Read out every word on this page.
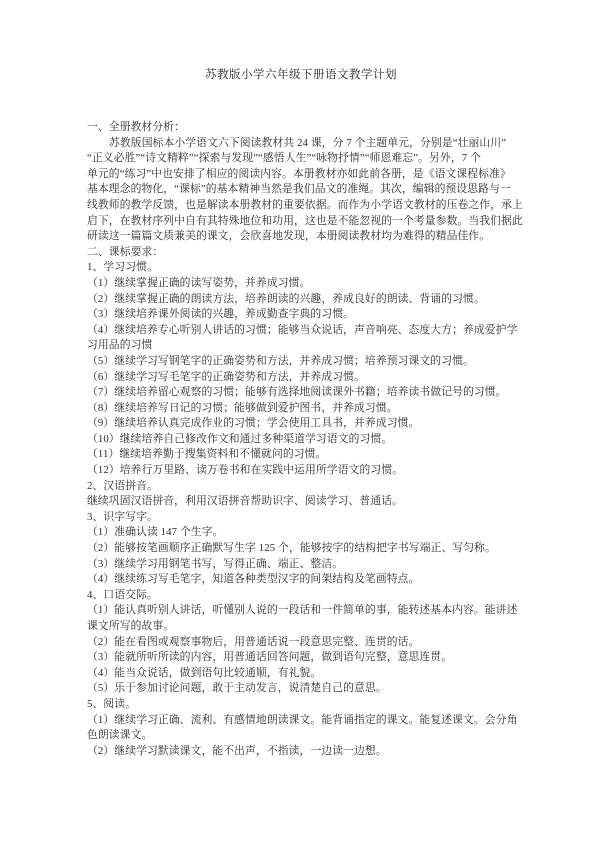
苏教版小学六年级下册语文教学计划
一、全册教材分析：
苏教版国标本小学语文六下阅读教材共 24 课，分 7 个主题单元，分别是“壮丽山川”
“正义必胜”“诗文精粹”“探索与发现”“感悟人生”“咏物抒情”“师恩难忘”。另外，7 个
单元的“练习”中也安排了相应的阅读内容。本册教材亦如此前各册，是《语文课程标准》
基本理念的物化，“课标”的基本精神当然是我们品文的准绳。其次，编辑的预设思路与一
线教师的教学反馈，也是解读本册教材的重要依据。而作为小学语文教材的压卷之作，承上
启下，在教材序列中自有其特殊地位和功用，这也是不能忽视的一个考量参数。当我们据此
研读这一篇篇文质兼美的课文，会欣喜地发现，本册阅读教材均为难得的精品佳作。
二、课标要求：
1、学习习惯。
（1）继续掌握正确的读写姿势，并养成习惯。
（2）继续掌握正确的朗读方法，培养朗读的兴趣，养成良好的朗读、背诵的习惯。
（3）继续培养课外阅读的兴趣，养成勤查字典的习惯。
（4）继续培养专心听别人讲话的习惯；能够当众说话，声音响亮、态度大方；养成爱护学
习用品的习惯
（5）继续学习写钢笔字的正确姿势和方法，并养成习惯；培养预习课文的习惯。
（6）继续学习写毛笔字的正确姿势和方法，并养成习惯。
（7）继续培养留心观察的习惯；能够有选择地阅读课外书籍；培养读书做记号的习惯。
（8）继续培养写日记的习惯；能够做到爱护图书，并养成习惯。
（9）继续培养认真完成作业的习惯；学会使用工具书，并养成习惯。
（10）继续培养自己修改作文和通过多种渠道学习语文的习惯。
（11）继续培养勤于搜集资料和不懂就问的习惯。
（12）培养行万里路、读万卷书和在实践中运用所学语文的习惯。
2、汉语拼音。
继续巩固汉语拼音，利用汉语拼音帮助识字、阅读学习、普通话。
3、识字写字。
（1）准确认读 147 个生字。
（2）能够按笔画顺序正确默写生字 125 个，能够按字的结构把字书写端正、写匀称。
（3）继续学习用钢笔书写，写得正确、端正、整洁。
（4）继续练习写毛笔字，知道各种类型汉字的间架结构及笔画特点。
4、口语交际。
（1）能认真听别人讲话，听懂别人说的一段话和一件简单的事，能转述基本内容。能讲述
课文所写的故事。
（2）能在看图或观察事物后，用普通话说一段意思完整、连贯的话。
（3）能就所听所读的内容，用普通话回答问题，做到语句完整，意思连贯。
（4）能当众说话，做到语句比较通顺，有礼貌。
（5）乐于参加讨论问题，敢于主动发言，说清楚自己的意思。
5、阅读。
（1）继续学习正确、流利、有感情地朗读课文。能背诵指定的课文。能复述课文。会分角
色朗读课文。
（2）继续学习默读课文，能不出声，不指读，一边读一边想。
